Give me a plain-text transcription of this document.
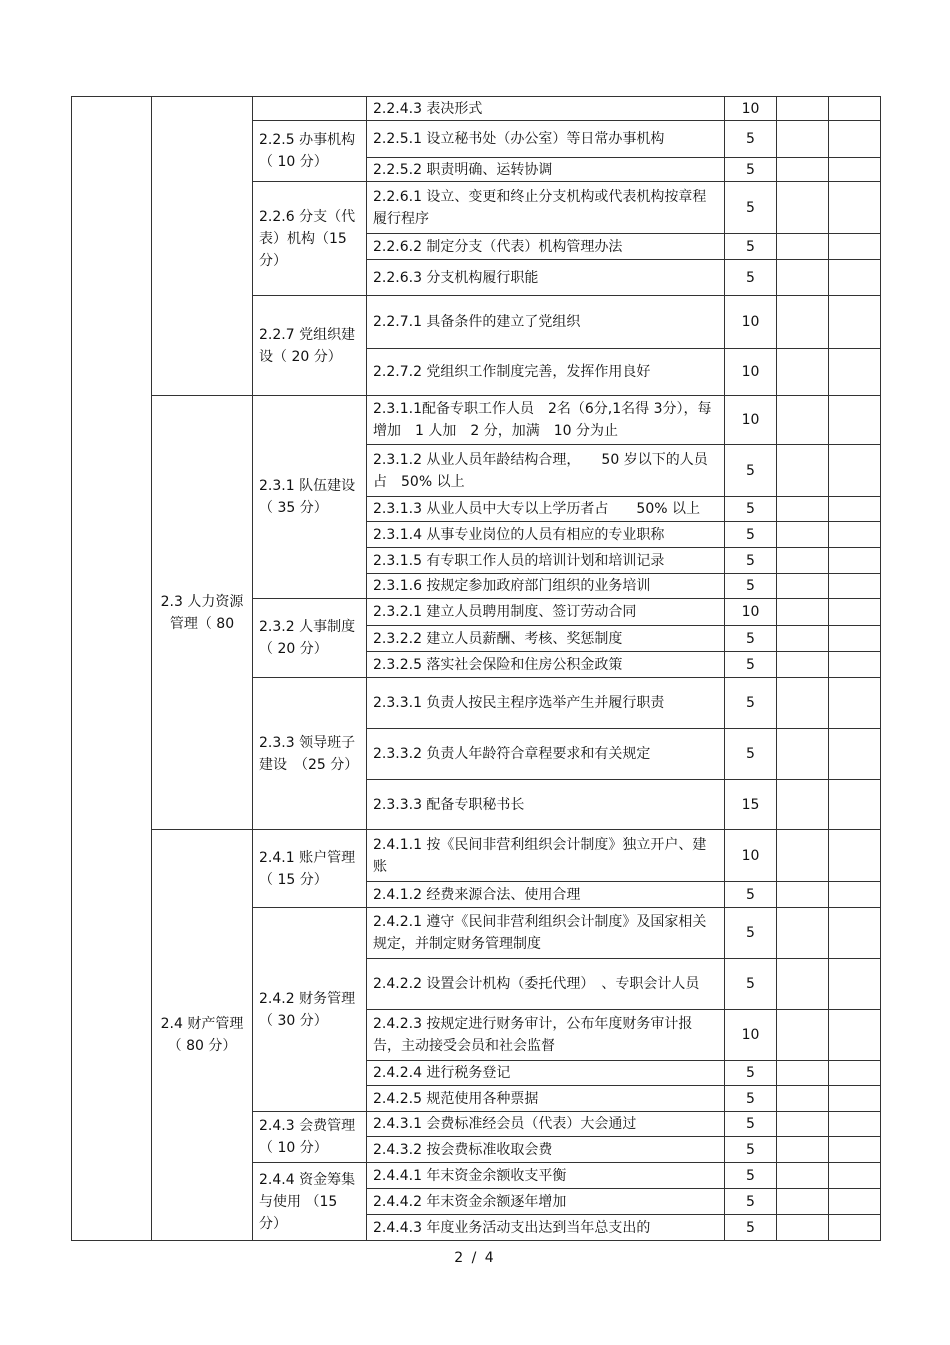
			2.2.4.3 表决形式	10		
		2.2.5 办事机构（ 10 分）	2.2.5.1 设立秘书处（办公室）等日常办事机构	5		
			2.2.5.2 职责明确、运转协调	5		
		2.2.6 分支（代表）机构（15分）	2.2.6.1 设立、变更和终止分支机构或代表机构按章程履行程序	5		
			2.2.6.2 制定分支（代表）机构管理办法	5		
			2.2.6.3 分支机构履行职能	5		
		2.2.7 党组织建设（ 20 分）	2.2.7.1 具备条件的建立了党组织	10		
			2.2.7.2 党组织工作制度完善，发挥作用良好	10		
	2.3 人力资源管理（ 80	2.3.1 队伍建设（ 35 分）	2.3.1.1配备专职工作人员　2名（6分,1名得 3分），每增加　1 人加　2 分，加满　10 分为止	10		
			2.3.1.2 从业人员年龄结构合理，　　50 岁以下的人员占　50% 以上	5		
			2.3.1.3 从业人员中大专以上学历者占　　50% 以上	5		
			2.3.1.4 从事专业岗位的人员有相应的专业职称	5		
			2.3.1.5 有专职工作人员的培训计划和培训记录	5		
			2.3.1.6 按规定参加政府部门组织的业务培训	5		
		2.3.2 人事制度（ 20 分）	2.3.2.1 建立人员聘用制度、签订劳动合同	10		
			2.3.2.2 建立人员薪酬、考核、奖惩制度	5		
			2.3.2.5 落实社会保险和住房公积金政策	5		
		2.3.3 领导班子建设　（25 分）	2.3.3.1 负责人按民主程序选举产生并履行职责	5		
			2.3.3.2 负责人年龄符合章程要求和有关规定	5		
			2.3.3.3 配备专职秘书长	15		
	2.4 财产管理（ 80 分）	2.4.1 账户管理（ 15 分）	2.4.1.1 按《民间非营利组织会计制度》独立开户、建账	10		
			2.4.1.2 经费来源合法、使用合理	5		
		2.4.2 财务管理（ 30 分）	2.4.2.1 遵守《民间非营利组织会计制度》及国家相关规定，并制定财务管理制度	5		
			2.4.2.2 设置会计机构（委托代理）　、专职会计人员	5		
			2.4.2.3 按规定进行财务审计，公布年度财务审计报告，主动接受会员和社会监督	10		
			2.4.2.4 进行税务登记	5		
			2.4.2.5 规范使用各种票据	5		
		2.4.3 会费管理（ 10 分）	2.4.3.1 会费标准经会员（代表）大会通过	5		
			2.4.3.2 按会费标准收取会费	5		
		2.4.4 资金筹集与使用 （15 分）	2.4.4.1 年末资金余额收支平衡	5		
			2.4.4.2 年末资金余额逐年增加	5		
			2.4.4.3 年度业务活动支出达到当年总支出的	5		
2 / 4
